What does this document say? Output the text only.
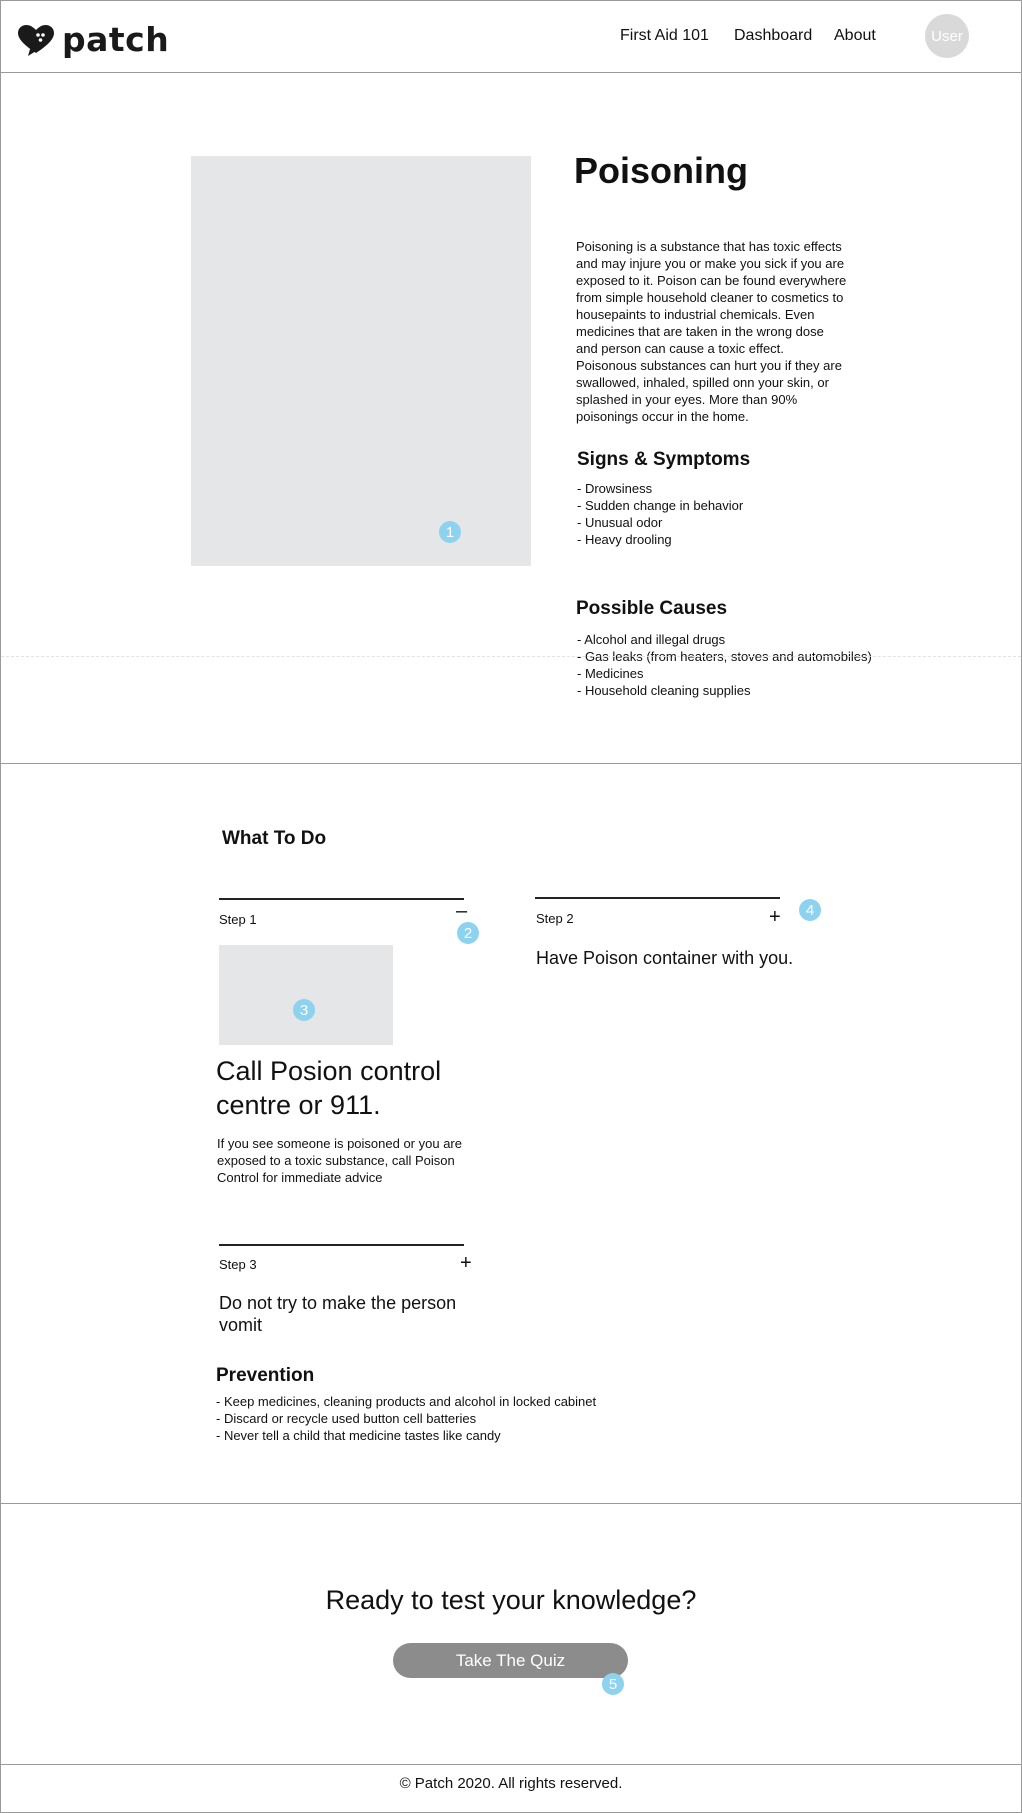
patch	First Aid 101 Dashboard About	User
1
Poisoning

Poisoning is a substance that has toxic effects and may injure you or make you sick if you are exposed to it. Poison can be found everywhere from simple household cleaner to cosmetics to housepaints to industrial chemicals. Even medicines that are taken in the wrong dose and person can cause a toxic effect. Poisonous substances can hurt you if they are swallowed, inhaled, spilled onn your skin, or splashed in your eyes. More than 90% poisonings occur in the home.

Signs & Symptoms
- Drowsiness
- Sudden change in behavior
- Unusual odor
- Heavy drooling
Possible Causes
- Alcohol and illegal drugs
- Gas leaks (from heaters, stoves and automobiles)
- Medicines
- Household cleaning supplies
What To Do
Step 1	–
2
3
Call Posion control centre or 911.

If you see someone is poisoned or you are exposed to a toxic substance, call Poison Control for immediate advice

Step 2	+	4

Have Poison container with you.

Step 3	+

Do not try to make the person vomit

Prevention
- Keep medicines, cleaning products and alcohol in locked cabinet
- Discard or recycle used button cell batteries
- Never tell a child that medicine tastes like candy
Ready to test your knowledge?
Take The Quiz
5
© Patch 2020. All rights reserved.
